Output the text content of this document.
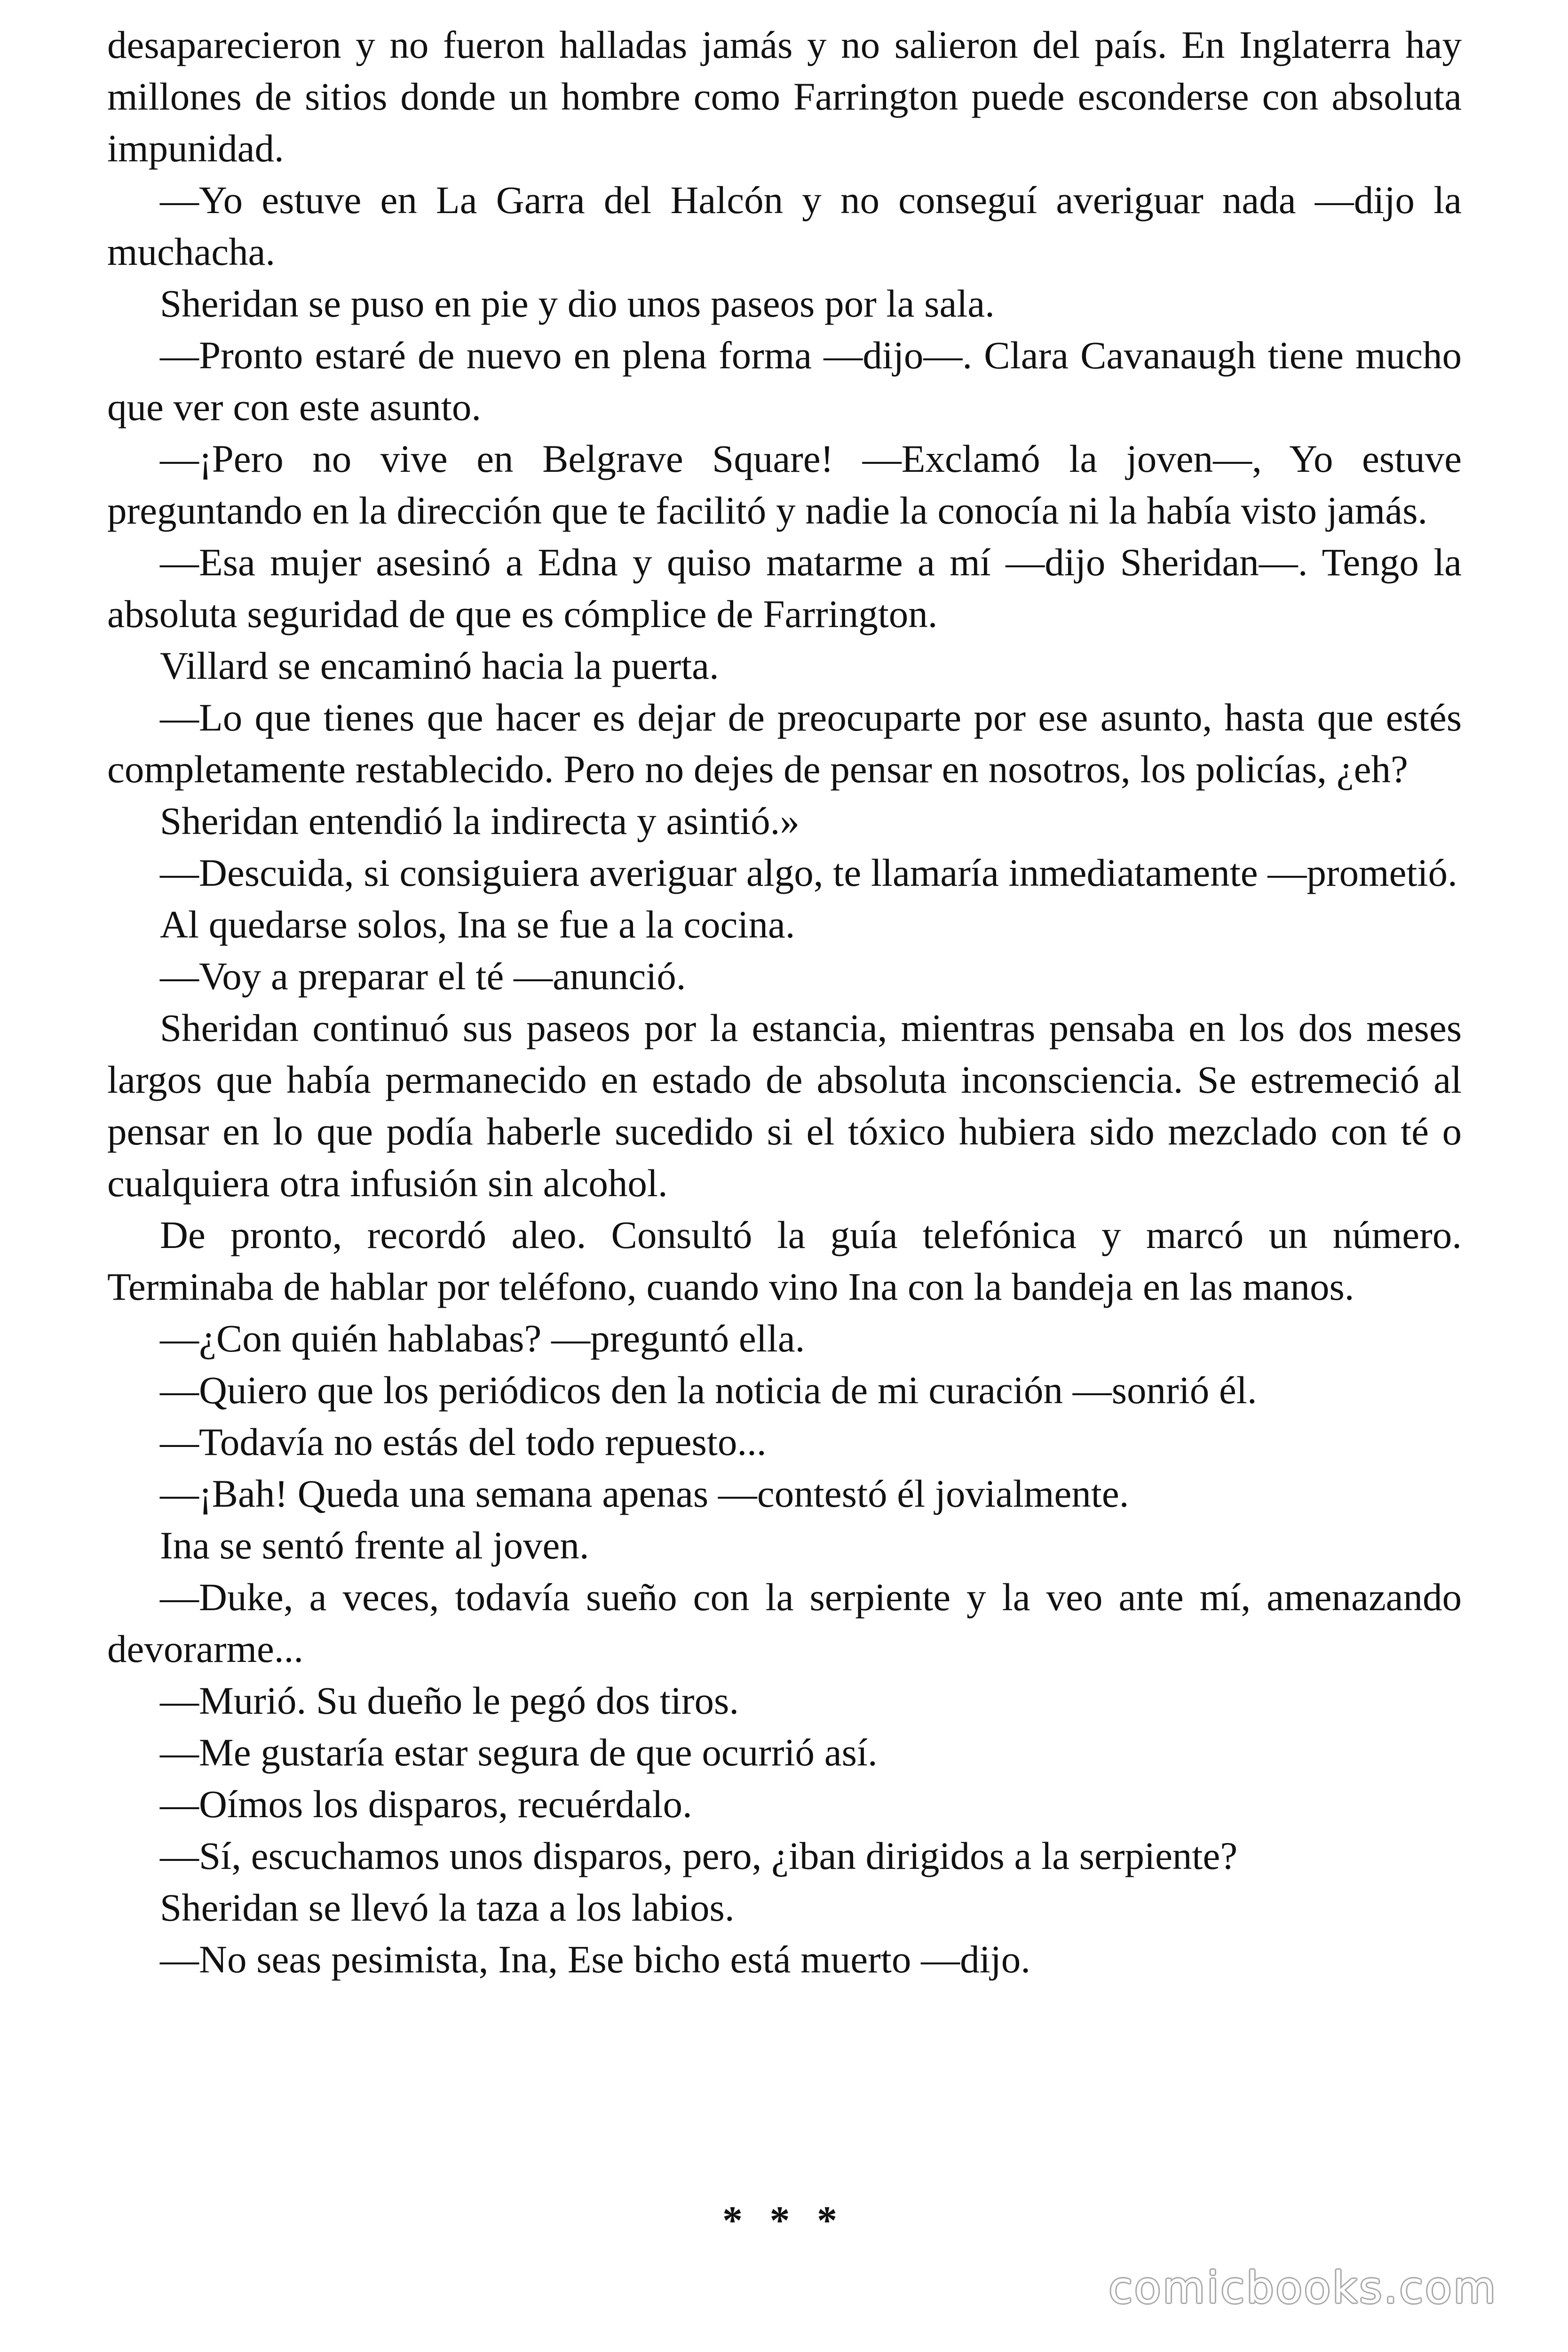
desaparecieron y no fueron halladas jamás y no salieron del país. En Inglaterra hay millones de sitios donde un hombre como Farrington puede esconderse con absoluta impunidad.

—Yo estuve en La Garra del Halcón y no conseguí averiguar nada —dijo la muchacha.

Sheridan se puso en pie y dio unos paseos por la sala.

—Pronto estaré de nuevo en plena forma —dijo—. Clara Cavanaugh tiene mucho que ver con este asunto.

—¡Pero no vive en Belgrave Square! —Exclamó la joven—, Yo estuve preguntando en la dirección que te facilitó y nadie la conocía ni la había visto jamás.

—Esa mujer asesinó a Edna y quiso matarme a mí —dijo Sheridan—. Tengo la absoluta seguridad de que es cómplice de Farrington.

Villard se encaminó hacia la puerta.

—Lo que tienes que hacer es dejar de preocuparte por ese asunto, hasta que estés completamente restablecido. Pero no dejes de pensar en nosotros, los policías, ¿eh?

Sheridan entendió la indirecta y asintió.»

—Descuida, si consiguiera averiguar algo, te llamaría inmediatamente —prometió.

Al quedarse solos, Ina se fue a la cocina.

—Voy a preparar el té —anunció.

Sheridan continuó sus paseos por la estancia, mientras pensaba en los dos meses largos que había permanecido en estado de absoluta inconsciencia. Se estremeció al pensar en lo que podía haberle sucedido si el tóxico hubiera sido mezclado con té o cualquiera otra infusión sin alcohol.

De pronto, recordó aleo. Consultó la guía telefónica y marcó un número. Terminaba de hablar por teléfono, cuando vino Ina con la bandeja en las manos.

—¿Con quién hablabas? —preguntó ella.

—Quiero que los periódicos den la noticia de mi curación —sonrió él.

—Todavía no estás del todo repuesto...

—¡Bah! Queda una semana apenas —contestó él jovialmente.

Ina se sentó frente al joven.

—Duke, a veces, todavía sueño con la serpiente y la veo ante mí, amenazando devorarme...

—Murió. Su dueño le pegó dos tiros.

—Me gustaría estar segura de que ocurrió así.

—Oímos los disparos, recuérdalo.

—Sí, escuchamos unos disparos, pero, ¿iban dirigidos a la serpiente?

Sheridan se llevó la taza a los labios.

—No seas pesimista, Ina, Ese bicho está muerto —dijo.

* * *
comicbooks.com
